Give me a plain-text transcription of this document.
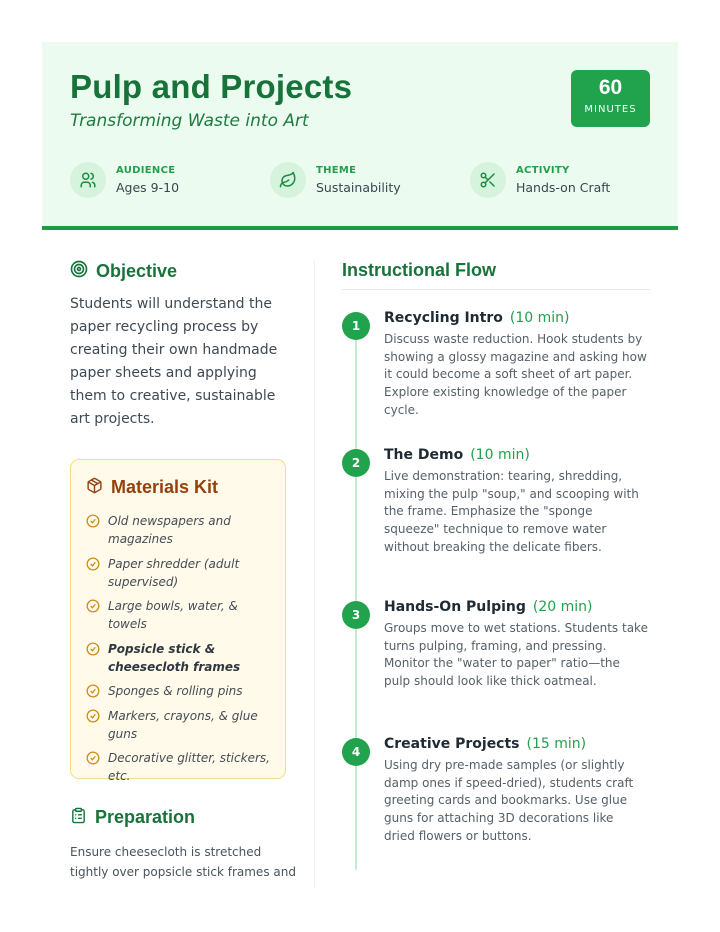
Pulp and Projects
Transforming Waste into Art
60
MINUTES
AUDIENCE
Ages 9-10
THEME
Sustainability
ACTIVITY
Hands-on Craft
Objective

Students will understand the paper recycling process by creating their own handmade paper sheets and applying them to creative, sustainable art projects.

Materials Kit
Old newspapers and magazines
Paper shredder (adult supervised)
Large bowls, water, & towels
Popsicle stick & cheesecloth frames
Sponges & rolling pins
Markers, crayons, & glue guns
Decorative glitter, stickers, etc.
Preparation

Ensure cheesecloth is stretched tightly over popsicle stick frames and

Instructional Flow
1	Recycling Intro (10 min)

Discuss waste reduction. Hook students by showing a glossy magazine and asking how it could become a soft sheet of art paper. Explore existing knowledge of the paper cycle.

2	The Demo (10 min)

Live demonstration: tearing, shredding, mixing the pulp "soup," and scooping with the frame. Emphasize the "sponge squeeze" technique to remove water without breaking the delicate fibers.

3	Hands-On Pulping (20 min)

Groups move to wet stations. Students take turns pulping, framing, and pressing. Monitor the "water to paper" ratio—the pulp should look like thick oatmeal.

4	Creative Projects (15 min)

Using dry pre-made samples (or slightly damp ones if speed-dried), students craft greeting cards and bookmarks. Use glue guns for attaching 3D decorations like dried flowers or buttons.
